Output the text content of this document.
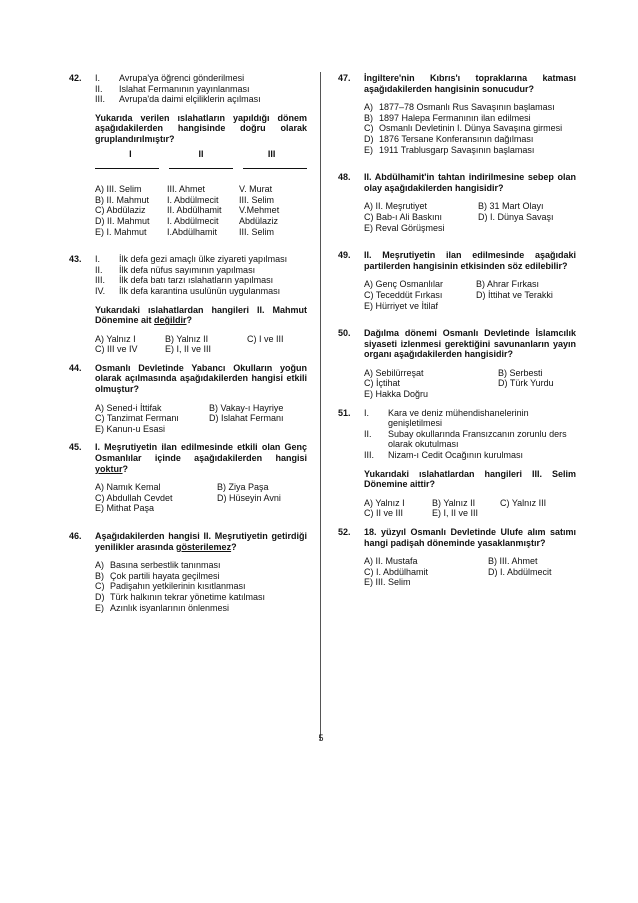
42. I.	Avrupa'ya öğrenci gönderilmesi
II.	Islahat Fermanının yayınlanması
III.	Avrupa'da daimi elçiliklerin açılması
Yukarıda verilen ıslahatların yapıldığı dönem aşağıdakilerden hangisinde doğru olarak gruplandırılmıştır?
I	II	III
A) III. Selim	III. Ahmet	V. Murat
B) II. Mahmut	I. Abdülmecit	III. Selim
C) Abdülaziz	II. Abdülhamit	V.Mehmet
D) II. Mahmut	I. Abdülmecit	Abdülaziz
E) I. Mahmut	I.Abdülhamit	III. Selim
43. I.	İlk defa gezi amaçlı ülke ziyareti yapılması
II.	İlk defa nüfus sayımının yapılması
III.	İlk defa batı tarzı ıslahatların yapılması
IV.	İlk defa karantina usulünün uygulanması
Yukarıdaki ıslahatlardan hangileri II. Mahmut Dönemine ait değildir?
A) Yalnız I	B) Yalnız II	C) I ve III
C) III ve IV	E) I, II ve III
44. Osmanlı Devletinde Yabancı Okulların yoğun olarak açılmasında aşağıdakilerden hangisi etkili olmuştur?
A) Sened-i İttifak	B) Vakay-ı Hayriye
C) Tanzimat Fermanı	D) Islahat Fermanı
E) Kanun-u Esasi
45. I. Meşrutiyetin ilan edilmesinde etkili olan Genç Osmanlılar içinde aşağıdakilerden hangisi yoktur?
A) Namık Kemal	B) Ziya Paşa
C) Abdullah Cevdet	D) Hüseyin Avni
E) Mithat Paşa
46. Aşağıdakilerden hangisi II. Meşrutiyetin getirdiği yenilikler arasında gösterilemez?
A) Basına serbestlik tanınması
B) Çok partili hayata geçilmesi
C) Padişahın yetkilerinin kısıtlanması
D) Türk halkının tekrar yönetime katılması
E) Azınlık isyanlarının önlenmesi
47. İngiltere'nin Kıbrıs'ı topraklarına katması aşağıdakilerden hangisinin sonucudur?
A) 1877–78 Osmanlı Rus Savaşının başlaması
B) 1897 Halepa Fermanının ilan edilmesi
C) Osmanlı Devletinin I. Dünya Savaşına girmesi
D) 1876 Tersane Konferansının dağılması
E) 1911 Trablusgarp Savaşının başlaması
48. II. Abdülhamit'in tahtan indirilmesine sebep olan olay aşağıdakilerden hangisidir?
A) II. Meşrutiyet	B) 31 Mart Olayı
C) Bab-ı Ali Baskını	D) I. Dünya Savaşı
E) Reval Görüşmesi
49. II. Meşrutiyetin ilan edilmesinde aşağıdaki partilerden hangisinin etkisinden söz edilebilir?
A) Genç Osmanlılar	B) Ahrar Fırkası
C) Teceddüt Fırkası	D) İttihat ve Terakki
E) Hürriyet ve İtilaf
50. Dağılma dönemi Osmanlı Devletinde İslamcılık siyaseti izlenmesi gerektiğini savunanların yayın organı aşağıdakilerden hangisidir?
A) Sebilürreşat	B) Serbesti
C) İçtihat	D) Türk Yurdu
E) Hakka Doğru
51. I.	Kara ve deniz mühendishanelerinin genişletilmesi
II.	Subay okullarında Fransızcanın zorunlu ders olarak okutulması
III.	Nizam-ı Cedit Ocağının kurulması
Yukarıdaki ıslahatlardan hangileri III. Selim Dönemine aittir?
A) Yalnız I	B) Yalnız II	C) Yalnız III
C) II ve III	E) I, II ve III
52. 18. yüzyıl Osmanlı Devletinde Ulufe alım satımı hangi padişah döneminde yasaklanmıştır?
A) II. Mustafa	B) III. Ahmet
C) I. Abdülhamit	D) I. Abdülmecit
E) III. Selim
5
